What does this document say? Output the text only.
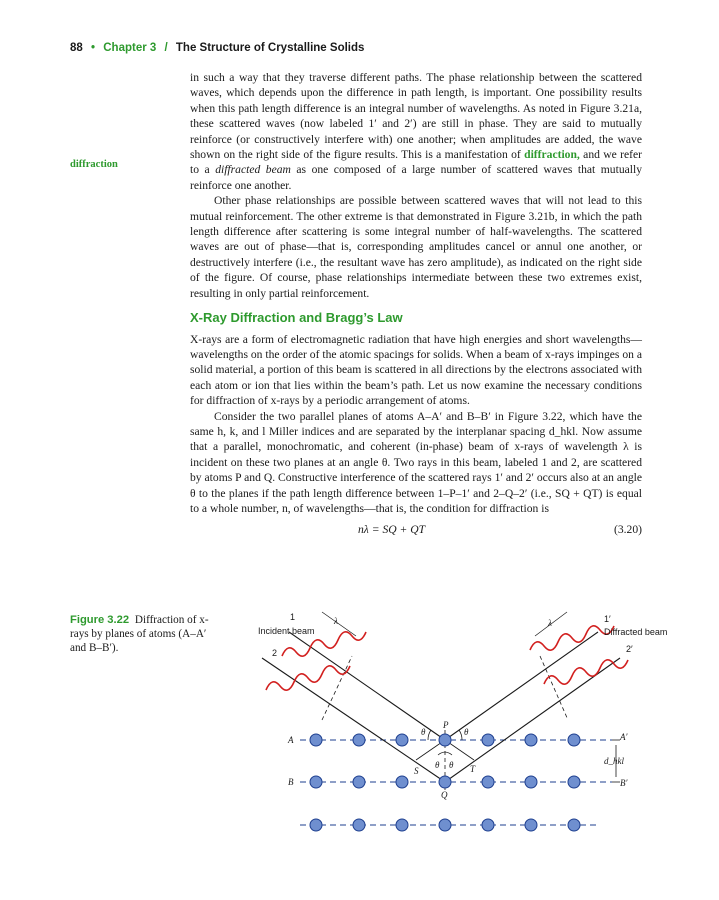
88 • Chapter 3 / The Structure of Crystalline Solids
diffraction

in such a way that they traverse different paths. The phase relationship between the scattered waves, which depends upon the difference in path length, is important. One possibility results when this path length difference is an integral number of wavelengths. As noted in Figure 3.21a, these scattered waves (now labeled 1′ and 2′) are still in phase. They are said to mutually reinforce (or constructively interfere with) one another; when amplitudes are added, the wave shown on the right side of the figure results. This is a manifestation of diffraction, and we refer to a diffracted beam as one composed of a large number of scattered waves that mutually reinforce one another.

Other phase relationships are possible between scattered waves that will not lead to this mutual reinforcement. The other extreme is that demonstrated in Figure 3.21b, in which the path length difference after scattering is some integral number of half-wavelengths. The scattered waves are out of phase—that is, corresponding amplitudes cancel or annul one another, or destructively interfere (i.e., the resultant wave has zero amplitude), as indicated on the right side of the figure. Of course, phase relationships intermediate between these two extremes exist, resulting in only partial reinforcement.

X-Ray Diffraction and Bragg’s Law

X-rays are a form of electromagnetic radiation that have high energies and short wavelengths—wavelengths on the order of the atomic spacings for solids. When a beam of x-rays impinges on a solid material, a portion of this beam is scattered in all directions by the electrons associated with each atom or ion that lies within the beam’s path. Let us now examine the necessary conditions for diffraction of x-rays by a periodic arrangement of atoms.

Consider the two parallel planes of atoms A–A′ and B–B′ in Figure 3.22, which have the same h, k, and l Miller indices and are separated by the interplanar spacing d_hkl. Now assume that a parallel, monochromatic, and coherent (in-phase) beam of x-rays of wavelength λ is incident on these two planes at an angle θ. Two rays in this beam, labeled 1 and 2, are scattered by atoms P and Q. Constructive interference of the scattered rays 1′ and 2′ occurs also at an angle θ to the planes if the path length difference between 1–P–1′ and 2–Q–2′ (i.e., SQ + QT) is equal to a whole number, n, of wavelengths—that is, the condition for diffraction is

nλ = SQ + QT	(3.20)
Figure 3.22 Diffraction of x-rays by planes of atoms (A–A′ and B–B′).
1
Incident beam
2
1′
Diffracted beam
2′
A	A′
B	B′
P
Q
S	T
θ	θ
θ θ
λ	λ
d_hkl
